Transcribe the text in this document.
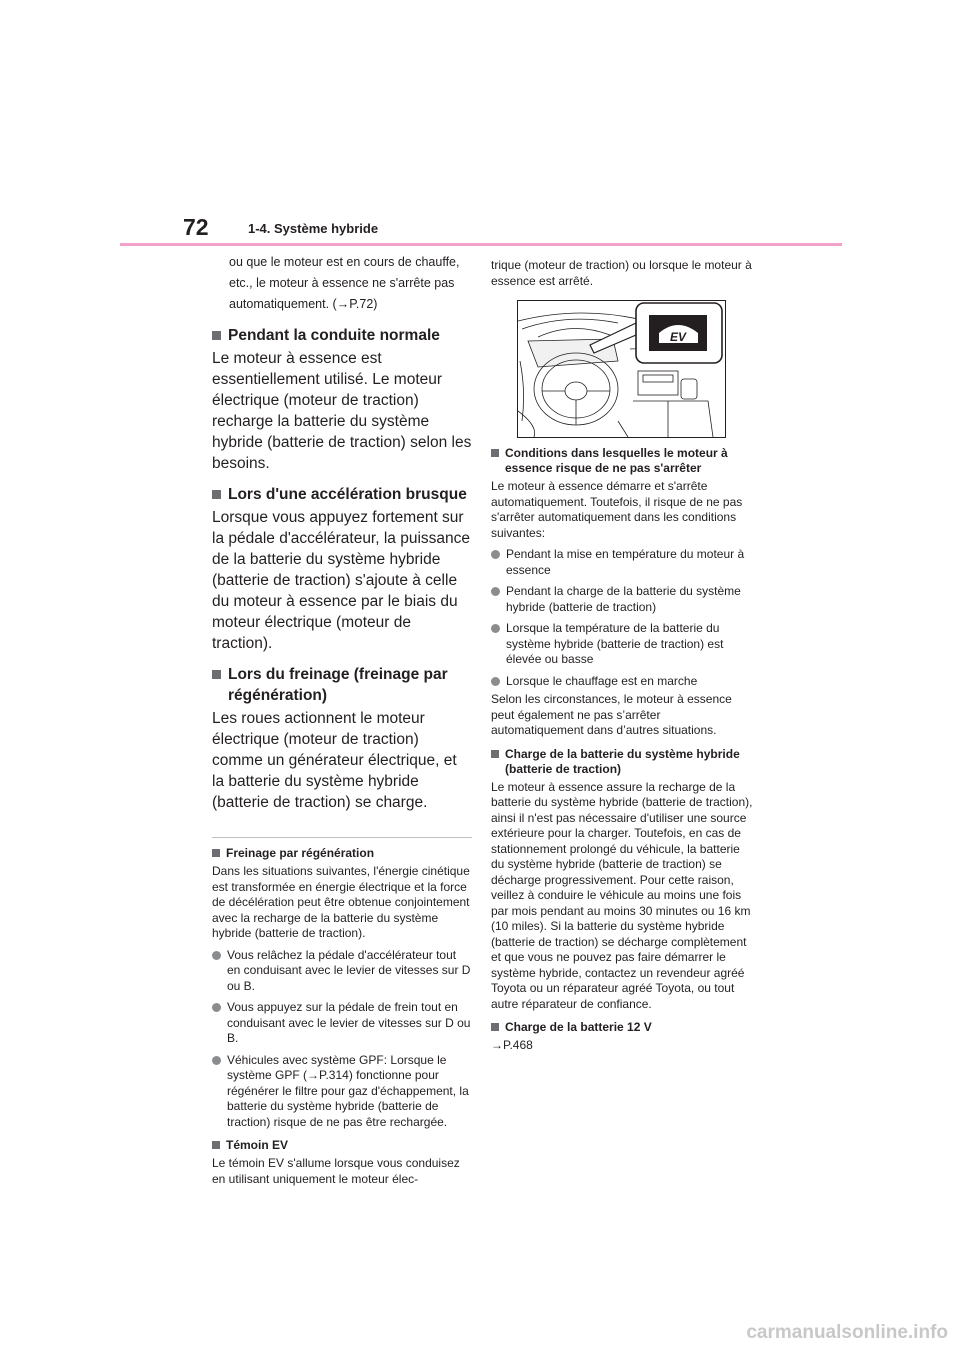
72	1-4. Système hybride
ou que le moteur est en cours de chauffe, etc., le moteur à essence ne s'arrête pas automatiquement. (→P.72)
Pendant la conduite normale
Le moteur à essence est essentiellement utilisé. Le moteur électrique (moteur de traction) recharge la batterie du système hybride (batterie de traction) selon les besoins.
Lors d'une accélération brusque
Lorsque vous appuyez fortement sur la pédale d'accélérateur, la puissance de la batterie du système hybride (batterie de traction) s'ajoute à celle du moteur à essence par le biais du moteur électrique (moteur de traction).
Lors du freinage (freinage par régénération)
Les roues actionnent le moteur électrique (moteur de traction) comme un générateur électrique, et la batterie du système hybride (batterie de traction) se charge.
Freinage par régénération
Dans les situations suivantes, l'énergie cinétique est transformée en énergie électrique et la force de décélération peut être obtenue conjointement avec la recharge de la batterie du système hybride (batterie de traction).
Vous relâchez la pédale d'accélérateur tout en conduisant avec le levier de vitesses sur D ou B.
Vous appuyez sur la pédale de frein tout en conduisant avec le levier de vitesses sur D ou B.
Véhicules avec système GPF: Lorsque le système GPF (→P.314) fonctionne pour régénérer le filtre pour gaz d'échappement, la batterie du système hybride (batterie de traction) risque de ne pas être rechargée.
Témoin EV
Le témoin EV s'allume lorsque vous conduisez en utilisant uniquement le moteur élec-
trique (moteur de traction) ou lorsque le moteur à essence est arrêté.
EV
Conditions dans lesquelles le moteur à essence risque de ne pas s'arrêter
Le moteur à essence démarre et s'arrête automatiquement. Toutefois, il risque de ne pas s'arrêter automatiquement dans les conditions suivantes:
Pendant la mise en température du moteur à essence
Pendant la charge de la batterie du système hybride (batterie de traction)
Lorsque la température de la batterie du système hybride (batterie de traction) est élevée ou basse
Lorsque le chauffage est en marche
Selon les circonstances, le moteur à essence peut également ne pas s’arrêter automatiquement dans d’autres situations.
Charge de la batterie du système hybride (batterie de traction)
Le moteur à essence assure la recharge de la batterie du système hybride (batterie de traction), ainsi il n'est pas nécessaire d'utiliser une source extérieure pour la charger. Toutefois, en cas de stationnement prolongé du véhicule, la batterie du système hybride (batterie de traction) se décharge progressivement. Pour cette raison, veillez à conduire le véhicule au moins une fois par mois pendant au moins 30 minutes ou 16 km (10 miles). Si la batterie du système hybride (batterie de traction) se décharge complètement et que vous ne pouvez pas faire démarrer le système hybride, contactez un revendeur agréé Toyota ou un réparateur agréé Toyota, ou tout autre réparateur de confiance.
Charge de la batterie 12 V
→P.468
carmanualsonline.info
